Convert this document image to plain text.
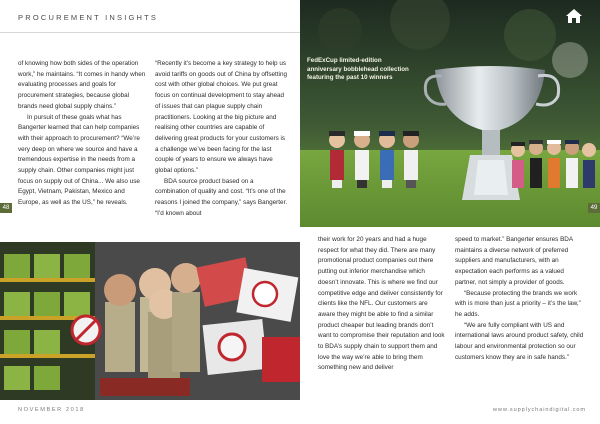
PROCUREMENT INSIGHTS

of knowing how both sides of the operation work,” he maintains. “It comes in handy when evaluating processes and goals for procurement strategies, because global brands need global supply chains.”

In pursuit of these goals what has Bangerter learned that can help companies with their approach to procurement? “We’re very deep on where we source and have a tremendous expertise in the needs from a supply chain. Other companies might just focus on supply out of China... We also use Egypt, Vietnam, Pakistan, Mexico and Europe, as well as the US,” he reveals.

“Recently it’s become a key strategy to help us avoid tariffs on goods out of China by offsetting cost with other global choices. We put great focus on continual development to stay ahead of issues that can plague supply chain practitioners. Looking at the big picture and realising other countries are capable of delivering great products for your customers is a challenge we’ve been facing for the last couple of years to ensure we always have global options.”

BDA source product based on a combination of quality and cost. “It’s one of the reasons I joined the company,” says Bangerter. “I’d known about

their work for 20 years and had a huge respect for what they did. There are many promotional product companies out there putting out inferior merchandise which doesn’t innovate. This is where we find our competitive edge and deliver consistently for clients like the NFL. Our customers are aware they might be able to find a similar product cheaper but leading brands don’t want to compromise their reputation and look to BDA’s supply chain to support them and love the way we’re able to bring them something new and deliver

speed to market.” Bangerter ensures BDA maintains a diverse network of preferred suppliers and manufacturers, with an expectation each performs as a valued partner, not simply a provider of goods.

“Because protecting the brands we work with is more than just a priority – it’s the law,” he adds.

“We are fully compliant with US and international laws around product safety, child labour and environmental protection so our customers know they are in safe hands.”

FedExCup limited-edition anniversary bobblehead collection featuring the past 10 winners
48	49
NOVEMBER 2018	www.supplychaindigital.com
